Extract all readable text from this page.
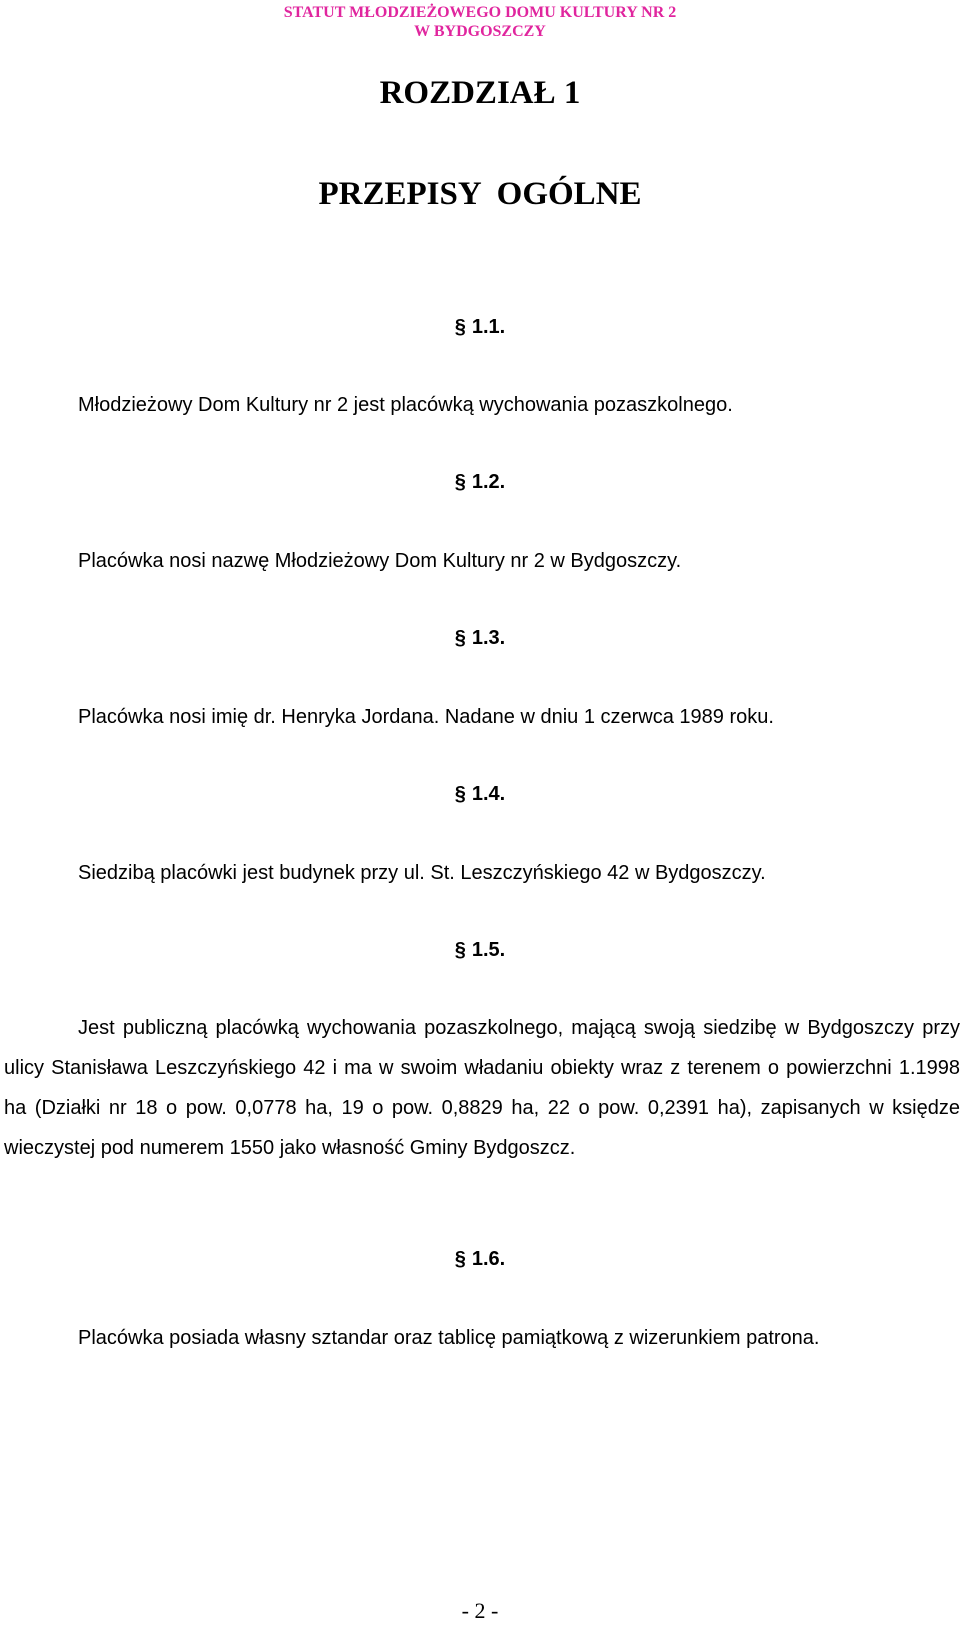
STATUT MŁODZIEŻOWEGO DOMU KULTURY NR 2
W BYDGOSZCZY
ROZDZIAŁ 1
PRZEPISY OGÓLNE
§ 1.1.
Młodzieżowy Dom Kultury nr 2 jest placówką wychowania pozaszkolnego.
§ 1.2.
Placówka nosi nazwę Młodzieżowy Dom Kultury nr 2 w Bydgoszczy.
§ 1.3.
Placówka nosi imię dr. Henryka Jordana. Nadane w dniu 1 czerwca 1989 roku.
§ 1.4.
Siedzibą placówki jest budynek przy ul. St. Leszczyńskiego 42 w Bydgoszczy.
§ 1.5.
Jest publiczną placówką wychowania pozaszkolnego, mającą swoją siedzibę w Bydgoszczy przy ulicy Stanisława Leszczyńskiego 42 i ma w swoim władaniu obiekty wraz z terenem o powierzchni 1.1998 ha (Działki nr 18 o pow. 0,0778 ha, 19 o pow. 0,8829 ha, 22 o pow. 0,2391 ha), zapisanych w księdze wieczystej pod numerem 1550 jako własność Gminy Bydgoszcz.
§ 1.6.
Placówka posiada własny sztandar oraz tablicę pamiątkową z wizerunkiem patrona.
- 2 -
